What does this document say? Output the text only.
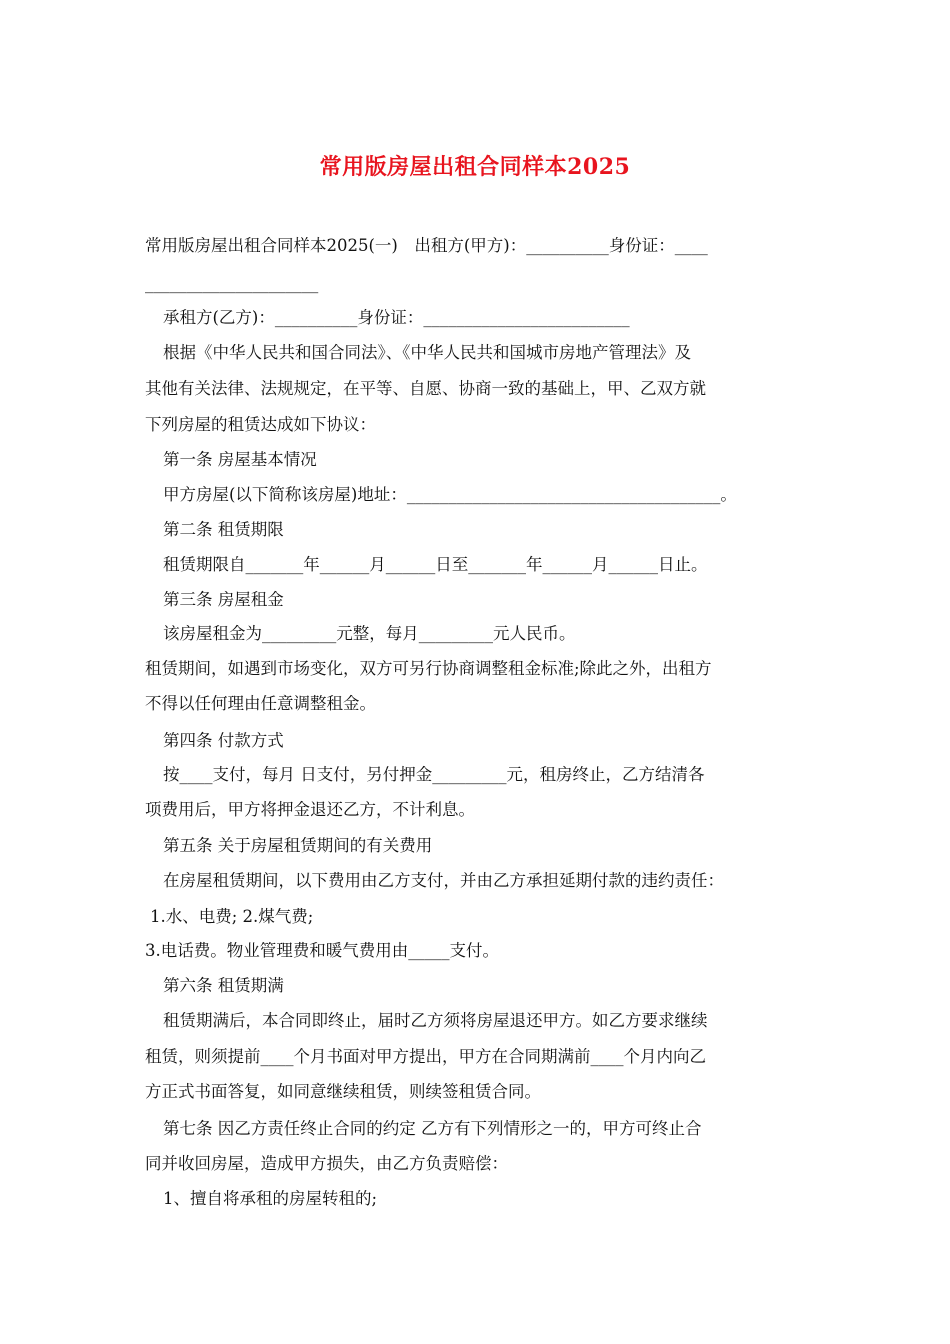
常用版房屋出租合同样本2025
常用版房屋出租合同样本2025(一)　出租方(甲方)：__________身份证：____
_____________________
承租方(乙方)：__________身份证：_________________________
根据《中华人民共和国合同法》、《中华人民共和国城市房地产管理法》及
其他有关法律、法规规定，在平等、自愿、协商一致的基础上，甲、乙双方就
下列房屋的租赁达成如下协议：
第一条 房屋基本情况
甲方房屋(以下简称该房屋)地址：______________________________________。
第二条 租赁期限
租赁期限自_______年______月______日至_______年______月______日止。
第三条 房屋租金
该房屋租金为_________元整，每月_________元人民币。
租赁期间，如遇到市场变化，双方可另行协商调整租金标准;除此之外，出租方
不得以任何理由任意调整租金。
第四条 付款方式
按____支付，每月 日支付，另付押金_________元，租房终止，乙方结清各
项费用后，甲方将押金退还乙方，不计利息。
第五条 关于房屋租赁期间的有关费用
在房屋租赁期间，以下费用由乙方支付，并由乙方承担延期付款的违约责任：
1.水、电费; 2.煤气费;
3.电话费。物业管理费和暖气费用由_____支付。
第六条 租赁期满
租赁期满后，本合同即终止，届时乙方须将房屋退还甲方。如乙方要求继续
租赁，则须提前____个月书面对甲方提出，甲方在合同期满前____个月内向乙
方正式书面答复，如同意继续租赁，则续签租赁合同。
第七条 因乙方责任终止合同的约定 乙方有下列情形之一的，甲方可终止合
同并收回房屋，造成甲方损失，由乙方负责赔偿：
1、擅自将承租的房屋转租的;
